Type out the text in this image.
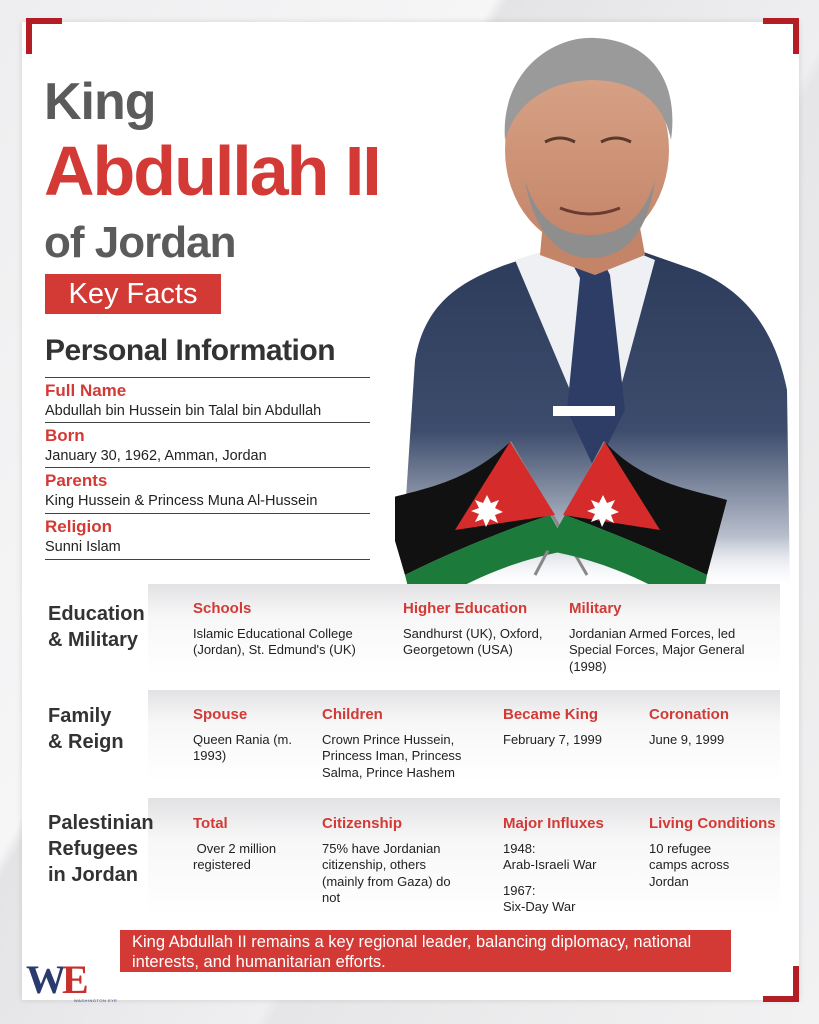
King
Abdullah II
of Jordan
Key Facts
Personal Information
Full Name
Abdullah bin Hussein bin Talal bin Abdullah
Born
January 30, 1962, Amman, Jordan
Parents
King Hussein & Princess Muna Al-Hussein
Religion
Sunni Islam
Education
& Military
Schools
Islamic Educational College (Jordan), St. Edmund's (UK)
Higher Education
Sandhurst (UK), Oxford, Georgetown (USA)
Military
Jordanian Armed Forces, led Special Forces, Major General (1998)
Family
& Reign
Spouse
Queen Rania (m. 1993)
Children
Crown Prince Hussein, Princess Iman, Princess Salma, Prince Hashem
Became King
February 7, 1999
Coronation
June 9, 1999
Palestinian
Refugees
in Jordan
Total
Over 2 million registered
Citizenship
75% have Jordanian citizenship, others (mainly from Gaza) do not
Major Influxes
1948:
Arab-Israeli War
1967:
Six-Day War
Living Conditions
10 refugee camps across Jordan
King Abdullah II remains a key regional leader, balancing diplomacy, national interests, and humanitarian efforts.
WE
WASHINGTON EYE
